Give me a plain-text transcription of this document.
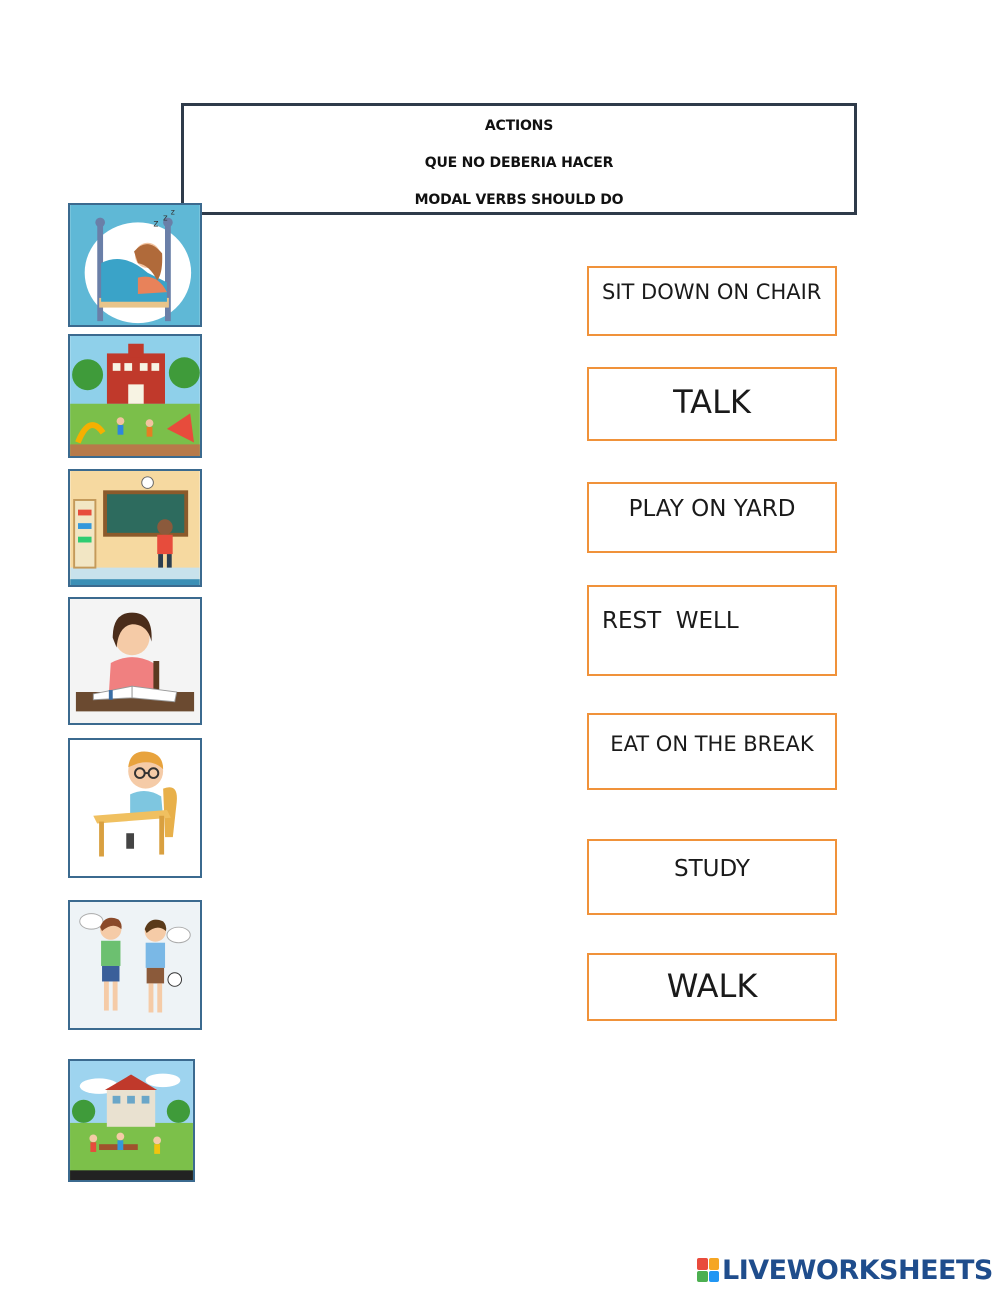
ACTIONS
QUE NO DEBERIA HACER
MODAL VERBS SHOULD DO
z z
z
SIT DOWN ON CHAIR
TALK
PLAY ON YARD
REST  WELL
EAT ON THE BREAK
STUDY
WALK
LIVEWORKSHEETS
